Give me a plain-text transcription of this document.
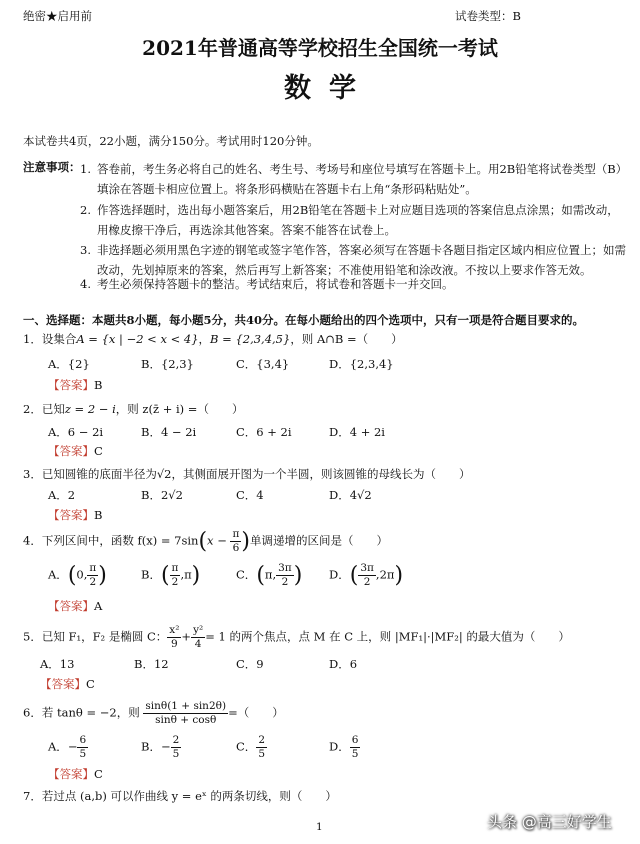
绝密★启用前	试卷类型：B
2021年普通高等学校招生全国统一考试
数学
本试卷共4页，22小题，满分150分。考试用时120分钟。
注意事项： 1. 答卷前，考生务必将自己的姓名、考生号、考场号和座位号填写在答题卡上。用2B铅笔将试卷类型（B）填涂在答题卡相应位置上。将条形码横贴在答题卡右上角“条形码粘贴处”。
2. 作答选择题时，选出每小题答案后，用2B铅笔在答题卡上对应题目选项的答案信息点涂黑；如需改动，用橡皮擦干净后，再选涂其他答案。答案不能答在试卷上。
3. 非选择题必须用黑色字迹的钢笔或签字笔作答，答案必须写在答题卡各题目指定区域内相应位置上；如需改动，先划掉原来的答案，然后再写上新答案；不准使用铅笔和涂改液。不按以上要求作答无效。
4. 考生必须保持答题卡的整洁。考试结束后，将试卷和答题卡一并交回。
一、选择题：本题共8小题，每小题5分，共40分。在每小题给出的四个选项中，只有一项是符合题目要求的。
1．设集合A = {x | −2 < x < 4}，B = {2,3,4,5}，则 A∩B =（　　）
A．{2}	B．{2,3}	C．{3,4}	D．{2,3,4}
【答案】B
2．已知z = 2 − i，则 z(z̄ + i) =（　　）
A．6 − 2i	B．4 − 2i	C．6 + 2i	D．4 + 2i
【答案】C
3．已知圆锥的底面半径为√2，其侧面展开图为一个半圆，则该圆锥的母线长为（　　）
A．2	B．2√2	C．4	D．4√2
【答案】B
4．下列区间中，函数 $f(x) = 7\sin(x - \frac{\pi}{6}$ )单调递增的区间是（　　）
A．(0, $\frac{\pi}{2}$ )	B．( $\frac{\pi}{2} ,\pi$)	C．(π, $\frac{3\pi}{2}$ ) D．( $\frac{3\pi}{2} ,2\pi$)
【答案】A
5．已知 F₁，F₂ 是椭圆 C： $\frac{\text{x²}}{9} + \frac{\text{y²}}{4} = 1$ 的两个焦点，点 M 在 C 上，则 |MF₁|·|MF₂| 的最大值为（　　）
A．13	B．12	C．9	D．6
【答案】C
6．若 tanθ = −2，则 $\frac{\sin\theta(1 + \sin 2\theta)}{\sin\theta + \cos\theta}$ =（　　）
A．− $\frac{6}{5}$	B．− $\frac{2}{5}$	C． $\frac{2}{5}$	D． $\frac{6}{5}$
【答案】C
7．若过点 (a,b) 可以作曲线 y = eˣ 的两条切线，则（　　）
1	头条 @高三好学生
